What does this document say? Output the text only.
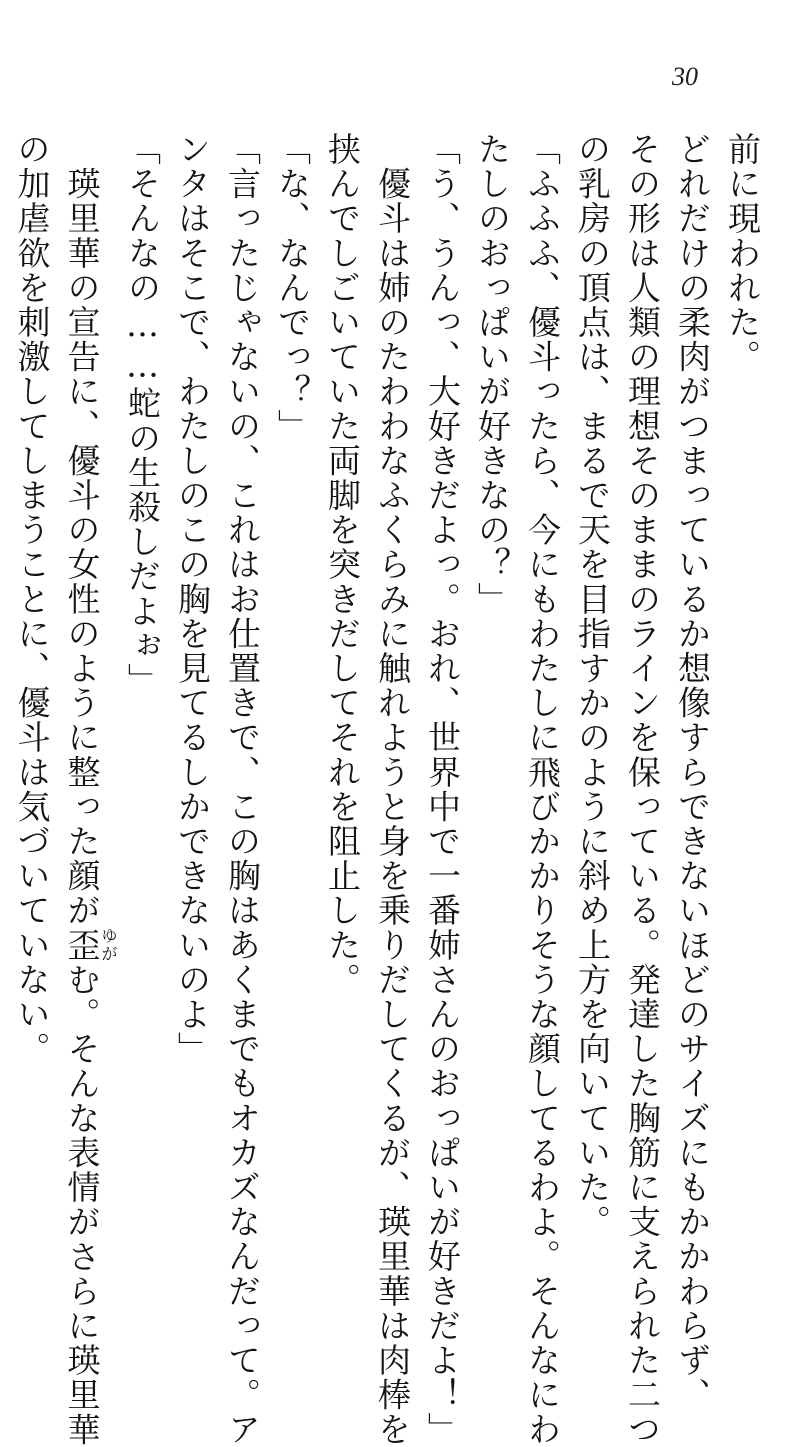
30
前に現われた。
どれだけの柔肉がつまっているか想像すらできないほどのサイズにもかかわらず、
その形は人類の理想そのままのラインを保っている。発達した胸筋に支えられた二つ
の乳房の頂点は、まるで天を目指すかのように斜め上方を向いていた。
「ふふふ、優斗ったら、今にもわたしに飛びかかりそうな顔してるわよ。そんなにわ
たしのおっぱいが好きなの？」
「う、うんっ、大好きだよっ。おれ、世界中で一番姉さんのおっぱいが好きだよ！」
　優斗は姉のたわわなふくらみに触れようと身を乗りだしてくるが、瑛里華は肉棒を
挟んでしごいていた両脚を突きだしてそれを阻止した。
「な、なんでっ？」
「言ったじゃないの、これはお仕置きで、この胸はあくまでもオカズなんだって。ア
ンタはそこで、わたしのこの胸を見てるしかできないのよ」
「そんなの……蛇の生殺しだよぉ」
　瑛里華の宣告に、優斗の女性のように整った顔が歪ゆがむ。そんな表情がさらに瑛里華
の加虐欲を刺激してしまうことに、優斗は気づいていない。
